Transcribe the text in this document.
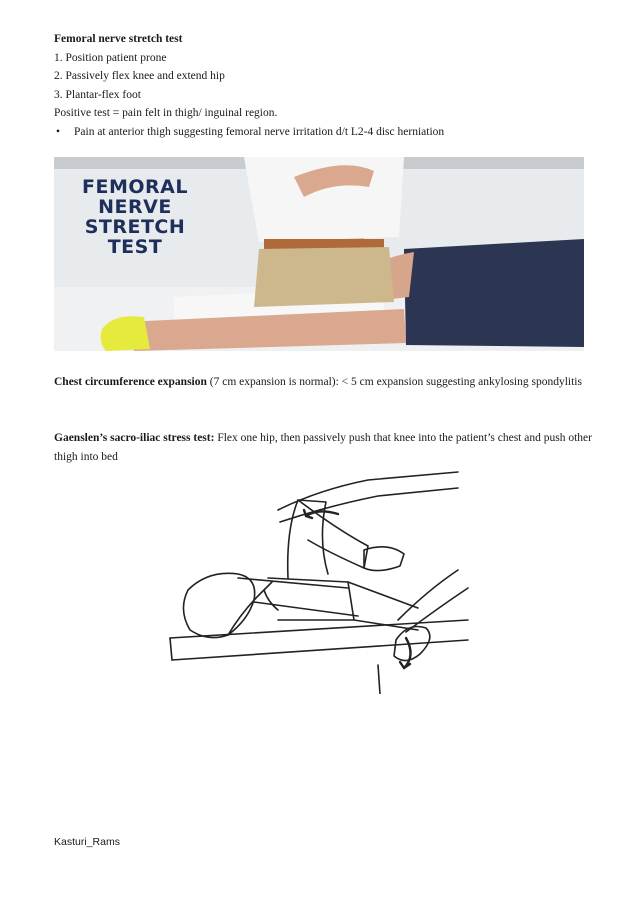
Femoral nerve stretch test
1. Position patient prone
2. Passively flex knee and extend hip
3. Plantar-flex foot
Positive test = pain felt in thigh/ inguinal region.
•	Pain at anterior thigh suggesting femoral nerve irritation d/t L2-4 disc herniation
FEMORAL
NERVE
STRETCH
TEST
Chest circumference expansion (7 cm expansion is normal): < 5 cm expansion suggesting ankylosing spondylitis
Gaenslen’s sacro-iliac stress test: Flex one hip, then passively push that knee into the patient’s chest and push other thigh into bed
Kasturi_Rams
